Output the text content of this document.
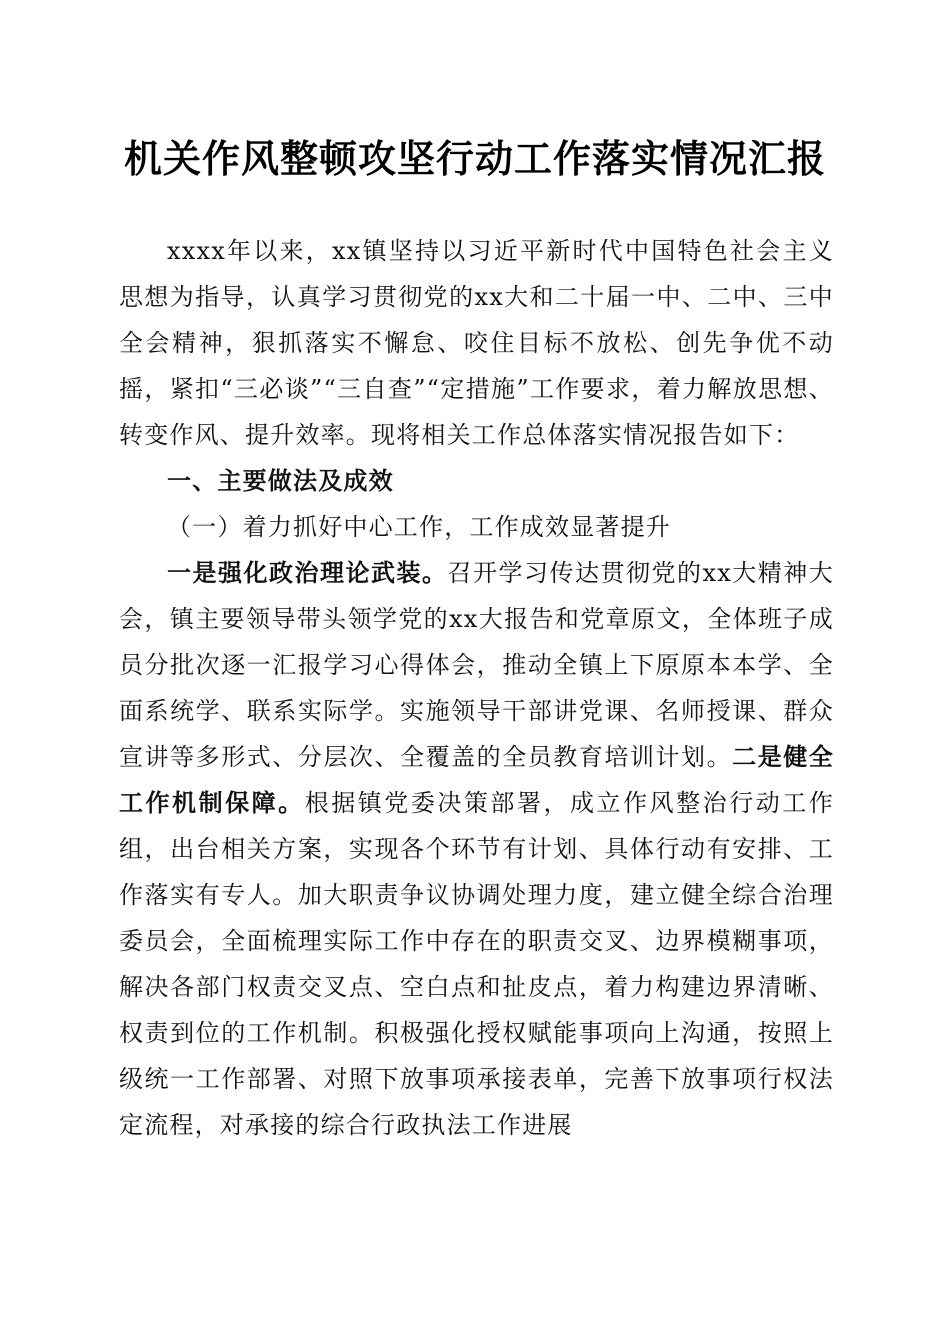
机关作风整顿攻坚行动工作落实情况汇报

xxxx年以来，xx镇坚持以习近平新时代中国特色社会主义思想为指导，认真学习贯彻党的xx大和二十届一中、二中、三中全会精神，狠抓落实不懈怠、咬住目标不放松、创先争优不动摇，紧扣“三必谈”“三自查”“定措施”工作要求，着力解放思想、转变作风、提升效率。现将相关工作总体落实情况报告如下：

一、主要做法及成效

（一）着力抓好中心工作，工作成效显著提升

一是强化政治理论武装。召开学习传达贯彻党的xx大精神大会，镇主要领导带头领学党的xx大报告和党章原文，全体班子成员分批次逐一汇报学习心得体会，推动全镇上下原原本本学、全面系统学、联系实际学。实施领导干部讲党课、名师授课、群众宣讲等多形式、分层次、全覆盖的全员教育培训计划。二是健全工作机制保障。根据镇党委决策部署，成立作风整治行动工作组，出台相关方案，实现各个环节有计划、具体行动有安排、工作落实有专人。加大职责争议协调处理力度，建立健全综合治理委员会，全面梳理实际工作中存在的职责交叉、边界模糊事项，解决各部门权责交叉点、空白点和扯皮点，着力构建边界清晰、权责到位的工作机制。积极强化授权赋能事项向上沟通，按照上级统一工作部署、对照下放事项承接表单，完善下放事项行权法定流程，对承接的综合行政执法工作进展
